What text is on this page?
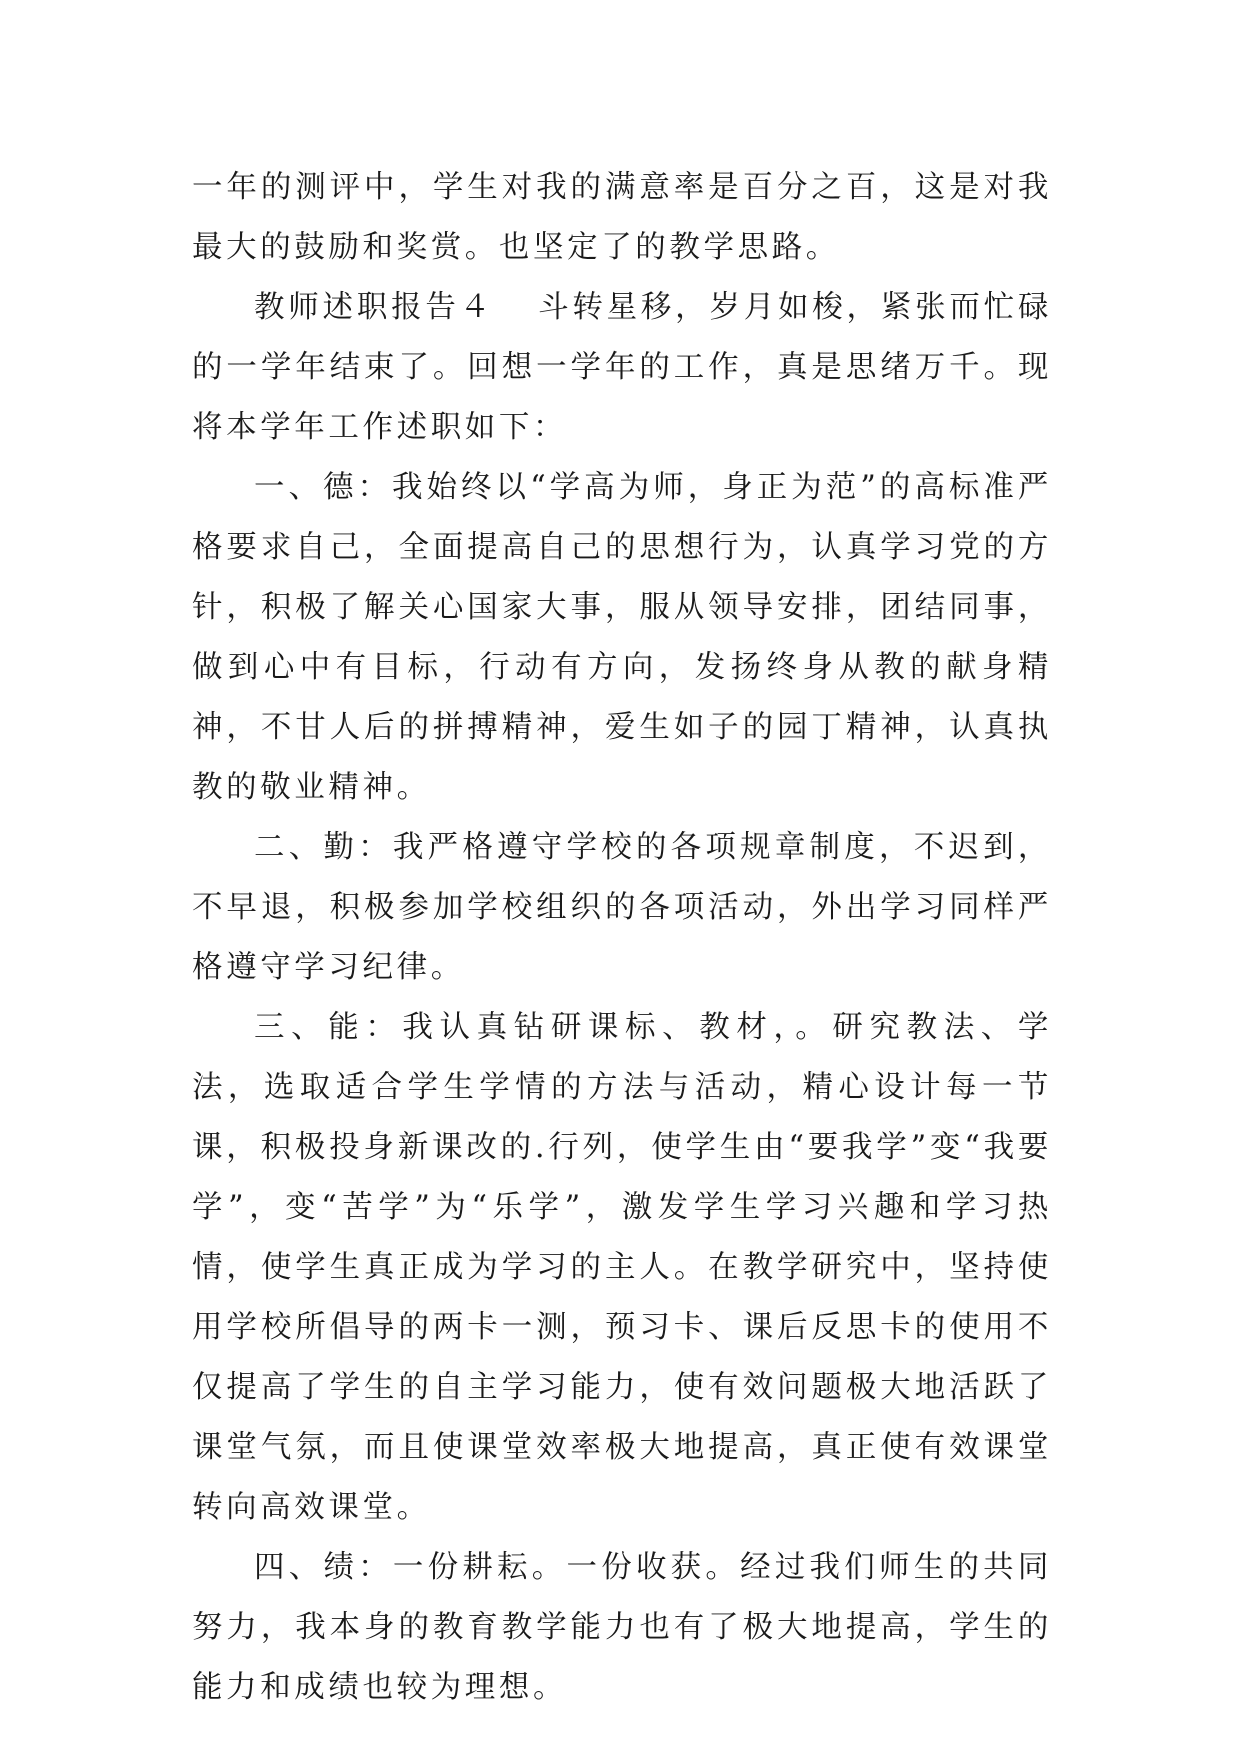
一年的测评中，学生对我的满意率是百分之百，这是对我最大的鼓励和奖赏。也坚定了的教学思路。

教师述职报告４ 斗转星移，岁月如梭，紧张而忙碌的一学年结束了。回想一学年的工作，真是思绪万千。现将本学年工作述职如下：

一、德：我始终以“学高为师，身正为范”的高标准严格要求自己，全面提高自己的思想行为，认真学习党的方针，积极了解关心国家大事，服从领导安排，团结同事，做到心中有目标，行动有方向，发扬终身从教的献身精神，不甘人后的拼搏精神，爱生如子的园丁精神，认真执教的敬业精神。

二、勤：我严格遵守学校的各项规章制度，不迟到，不早退，积极参加学校组织的各项活动，外出学习同样严格遵守学习纪律。

三、能：我认真钻研课标、教材，。研究教法、学法，选取适合学生学情的方法与活动，精心设计每一节课，积极投身新课改的.行列，使学生由“要我学”变“我要学”，变“苦学”为“乐学”，激发学生学习兴趣和学习热情，使学生真正成为学习的主人。在教学研究中，坚持使用学校所倡导的两卡一测，预习卡、课后反思卡的使用不仅提高了学生的自主学习能力，使有效问题极大地活跃了课堂气氛，而且使课堂效率极大地提高，真正使有效课堂转向高效课堂。

四、绩：一份耕耘。一份收获。经过我们师生的共同努力，我本身的教育教学能力也有了极大地提高，学生的能力和成绩也较为理想。
